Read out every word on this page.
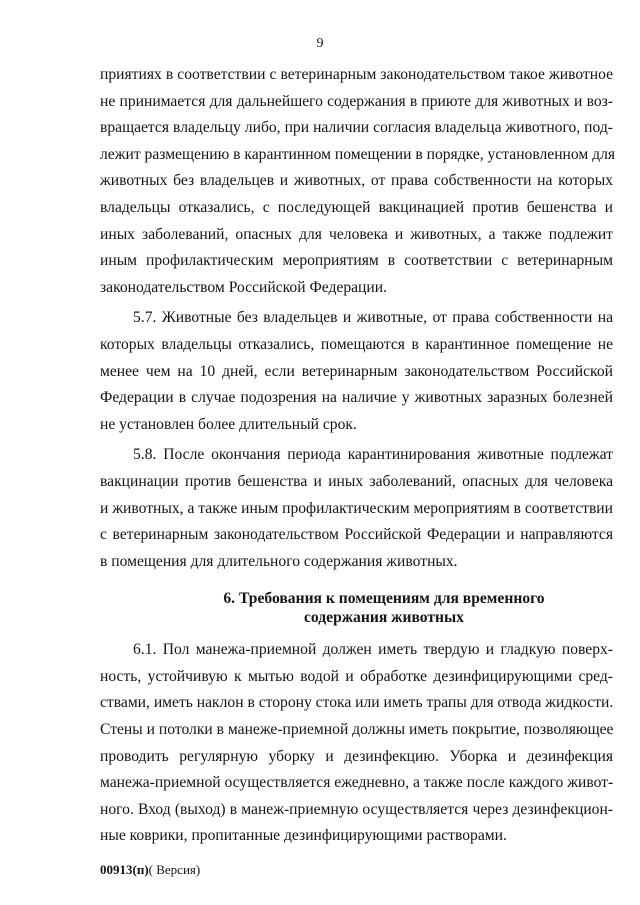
9
приятиях в соответствии с ветеринарным законодательством такое животное
не принимается для дальнейшего содержания в приюте для животных и воз-
вращается владельцу либо, при наличии согласия владельца животного, под-
лежит размещению в карантинном помещении в порядке, установленном для
животных без владельцев и животных, от права собственности на которых
владельцы отказались, с последующей вакцинацией против бешенства и
иных заболеваний, опасных для человека и животных, а также подлежит
иным профилактическим мероприятиям в соответствии с ветеринарным
законодательством Российской Федерации.
5.7. Животные без владельцев и животные, от права собственности на
которых владельцы отказались, помещаются в карантинное помещение не
менее чем на 10 дней, если ветеринарным законодательством Российской
Федерации в случае подозрения на наличие у животных заразных болезней
не установлен более длительный срок.
5.8. После окончания периода карантинирования животные подлежат
вакцинации против бешенства и иных заболеваний, опасных для человека
и животных, а также иным профилактическим мероприятиям в соответствии
с ветеринарным законодательством Российской Федерации и направляются
в помещения для длительного содержания животных.
6. Требования к помещениям для временного
содержания животных
6.1. Пол манежа-приемной должен иметь твердую и гладкую поверх-
ность, устойчивую к мытью водой и обработке дезинфицирующими сред-
ствами, иметь наклон в сторону стока или иметь трапы для отвода жидкости.
Стены и потолки в манеже-приемной должны иметь покрытие, позволяющее
проводить регулярную уборку и дезинфекцию. Уборка и дезинфекция
манежа-приемной осуществляется ежедневно, а также после каждого живот-
ного. Вход (выход) в манеж-приемную осуществляется через дезинфекцион-
ные коврики, пропитанные дезинфицирующими растворами.
00913(п)( Версия)
